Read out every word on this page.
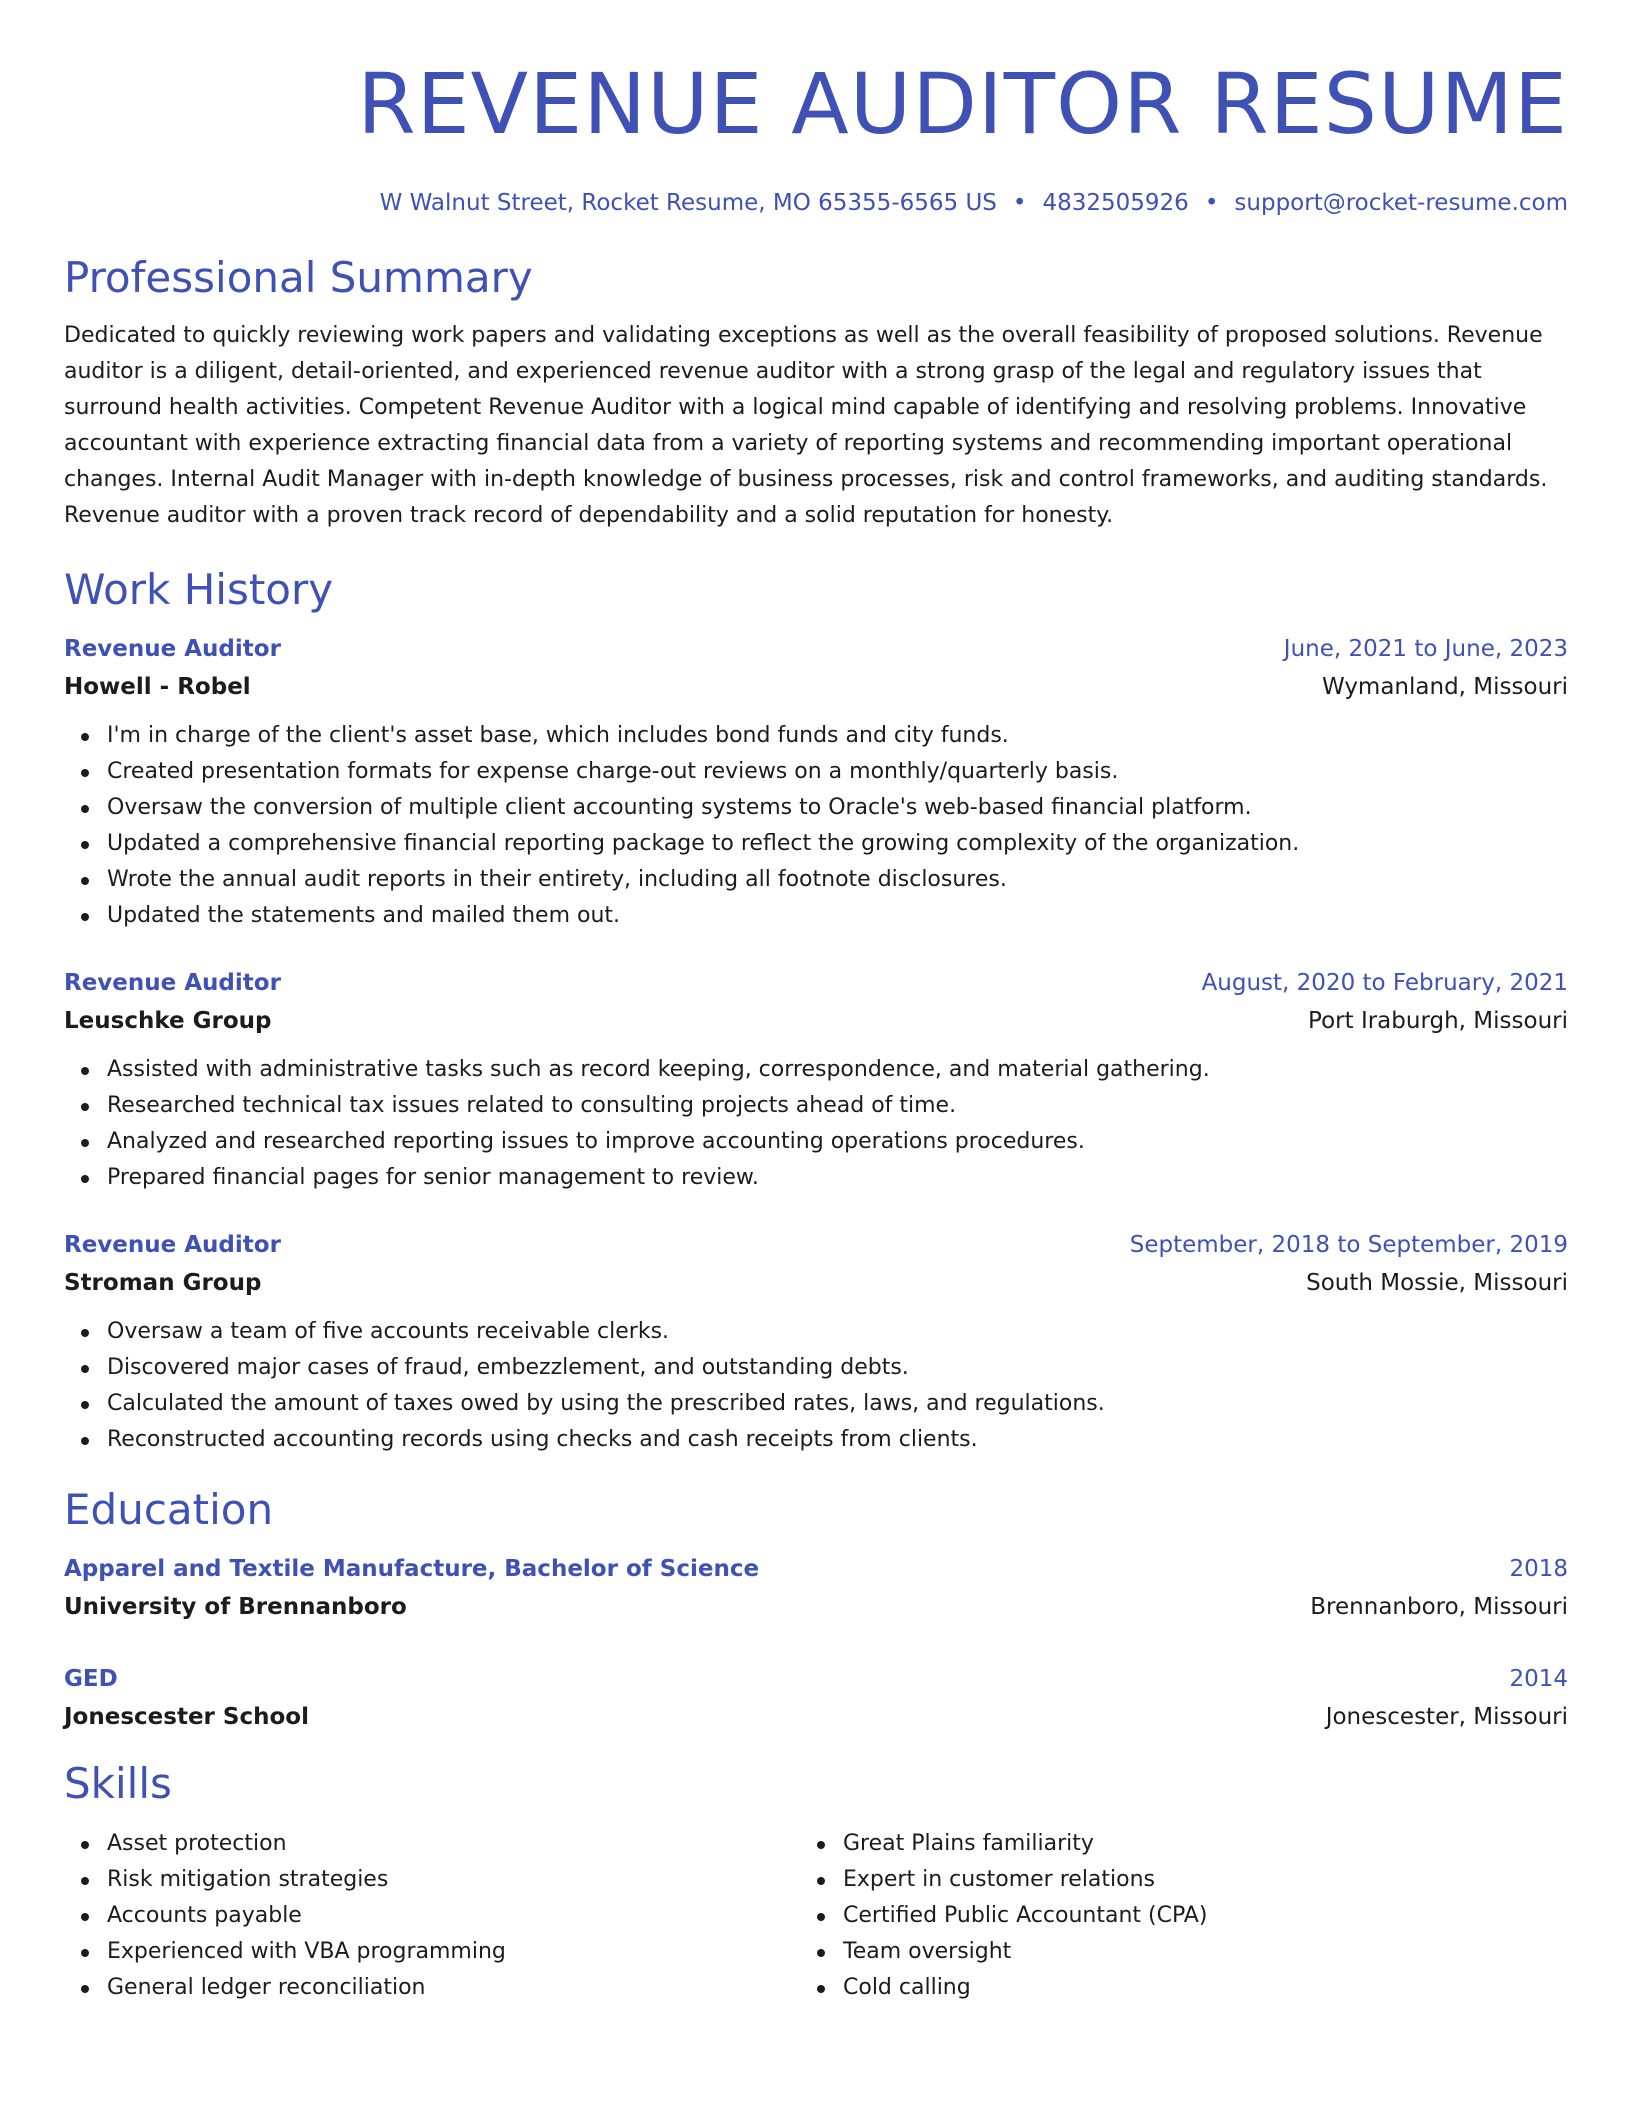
REVENUE AUDITOR RESUME
W Walnut Street, Rocket Resume, MO 65355-6565 US • 4832505926 • support@rocket-resume.com
Professional Summary
Dedicated to quickly reviewing work papers and validating exceptions as well as the overall feasibility of proposed solutions. Revenue auditor is a diligent, detail-oriented, and experienced revenue auditor with a strong grasp of the legal and regulatory issues that surround health activities. Competent Revenue Auditor with a logical mind capable of identifying and resolving problems. Innovative accountant with experience extracting financial data from a variety of reporting systems and recommending important operational changes. Internal Audit Manager with in-depth knowledge of business processes, risk and control frameworks, and auditing standards. Revenue auditor with a proven track record of dependability and a solid reputation for honesty.
Work History
Revenue Auditor	June, 2021 to June, 2023
Howell - Robel	Wymanland, Missouri
I'm in charge of the client's asset base, which includes bond funds and city funds.
Created presentation formats for expense charge-out reviews on a monthly/quarterly basis.
Oversaw the conversion of multiple client accounting systems to Oracle's web-based financial platform.
Updated a comprehensive financial reporting package to reflect the growing complexity of the organization.
Wrote the annual audit reports in their entirety, including all footnote disclosures.
Updated the statements and mailed them out.
Revenue Auditor	August, 2020 to February, 2021
Leuschke Group	Port Iraburgh, Missouri
Assisted with administrative tasks such as record keeping, correspondence, and material gathering.
Researched technical tax issues related to consulting projects ahead of time.
Analyzed and researched reporting issues to improve accounting operations procedures.
Prepared financial pages for senior management to review.
Revenue Auditor	September, 2018 to September, 2019
Stroman Group	South Mossie, Missouri
Oversaw a team of five accounts receivable clerks.
Discovered major cases of fraud, embezzlement, and outstanding debts.
Calculated the amount of taxes owed by using the prescribed rates, laws, and regulations.
Reconstructed accounting records using checks and cash receipts from clients.
Education
Apparel and Textile Manufacture, Bachelor of Science	2018
University of Brennanboro	Brennanboro, Missouri
GED	2014
Jonescester School	Jonescester, Missouri
Skills
Asset protection
Risk mitigation strategies
Accounts payable
Experienced with VBA programming
General ledger reconciliation
Great Plains familiarity
Expert in customer relations
Certified Public Accountant (CPA)
Team oversight
Cold calling
